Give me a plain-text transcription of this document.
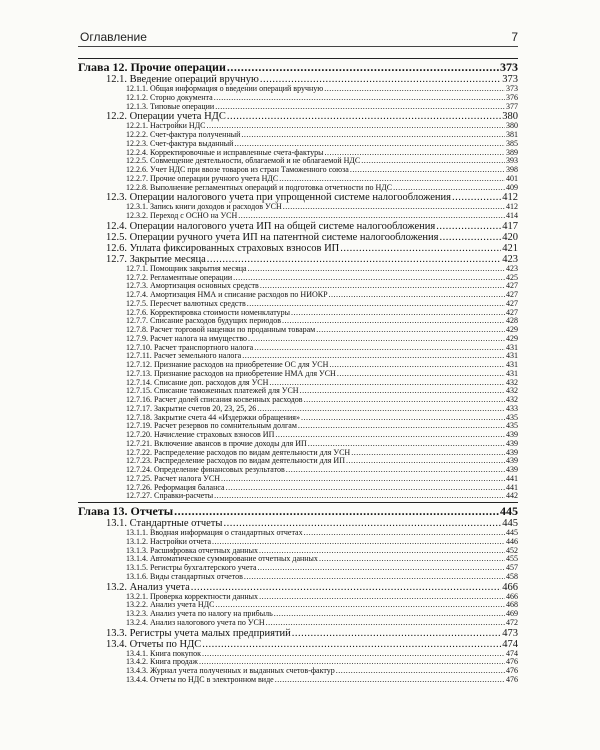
Оглавление	7
Глава 12. Прочие операции .....	373
12.1. Введение операций вручную .....	373
12.1.1. Общая информация о введении операций вручную .....	373
12.1.2. Сторно документа .....	376
12.1.3. Типовые операции .....	377
12.2. Операции учета НДС .....	380
12.2.1. Настройки НДС .....	380
12.2.2. Счет-фактура полученный .....	381
12.2.3. Счет-фактура выданный .....	385
12.2.4. Корректировочные и исправленные счета-фактуры .....	389
12.2.5. Совмещение деятельности, облагаемой и не облагаемой НДС .....	393
12.2.6. Учет НДС при ввозе товаров из стран Таможенного союза .....	398
12.2.7. Прочие операции ручного учета НДС .....	401
12.2.8. Выполнение регламентных операций и подготовка отчетности по НДС .....	409
12.3. Операции налогового учета при упрощенной системе налогообложения .....	412
12.3.1. Запись книги доходов и расходов УСН .....	412
12.3.2. Переход с ОСНО на УСН .....	414
12.4. Операции налогового учета ИП на общей системе налогообложения .....	417
12.5. Операции ручного учета ИП на патентной системе налогообложения .....	420
12.6. Уплата фиксированных страховых взносов ИП .....	421
12.7. Закрытие месяца .....	423
12.7.1. Помощник закрытия месяца .....	423
12.7.2. Регламентные операции .....	425
12.7.3. Амортизация основных средств .....	427
12.7.4. Амортизация НМА и списание расходов по НИОКР .....	427
12.7.5. Пересчет валютных средств .....	427
12.7.6. Корректировка стоимости номенклатуры .....	427
12.7.7. Списание расходов будущих периодов .....	428
12.7.8. Расчет торговой наценки по проданным товарам .....	429
12.7.9. Расчет налога на имущество .....	429
12.7.10. Расчет транспортного налога .....	431
12.7.11. Расчет земельного налога .....	431
12.7.12. Признание расходов на приобретение ОС для УСН .....	431
12.7.13. Признание расходов на приобретение НМА для УСН .....	431
12.7.14. Списание доп. расходов для УСН .....	432
12.7.15. Списание таможенных платежей для УСН .....	432
12.7.16. Расчет долей списания косвенных расходов .....	432
12.7.17. Закрытие счетов 20, 23, 25, 26 .....	433
12.7.18. Закрытие счета 44 «Издержки обращения» .....	435
12.7.19. Расчет резервов по сомнительным долгам .....	435
12.7.20. Начисление страховых взносов ИП .....	439
12.7.21. Включение авансов в прочие доходы для ИП .....	439
12.7.22. Распределение расходов по видам деятельности для УСН .....	439
12.7.23. Распределение расходов по видам деятельности для ИП .....	439
12.7.24. Определение финансовых результатов .....	439
12.7.25. Расчет налога УСН .....	441
12.7.26. Реформация баланса .....	441
12.7.27. Справки-расчеты .....	442
Глава 13. Отчеты .....	445
13.1. Стандартные отчеты .....	445
13.1.1. Вводная информация о стандартных отчетах .....	445
13.1.2. Настройки отчета .....	446
13.1.3. Расшифровка отчетных данных .....	452
13.1.4. Автоматическое суммирование отчетных данных .....	455
13.1.5. Регистры бухгалтерского учета .....	457
13.1.6. Виды стандартных отчетов .....	458
13.2. Анализ учета .....	466
13.2.1. Проверка корректности данных .....	466
13.2.2. Анализ учета НДС .....	468
13.2.3. Анализ учета по налогу на прибыль .....	469
13.2.4. Анализ налогового учета по УСН .....	472
13.3. Регистры учета малых предприятий .....	473
13.4. Отчеты по НДС .....	474
13.4.1. Книга покупок .....	474
13.4.2. Книга продаж .....	476
13.4.3. Журнал учета полученных и выданных счетов-фактур .....	476
13.4.4. Отчеты по НДС в электронном виде .....	476
